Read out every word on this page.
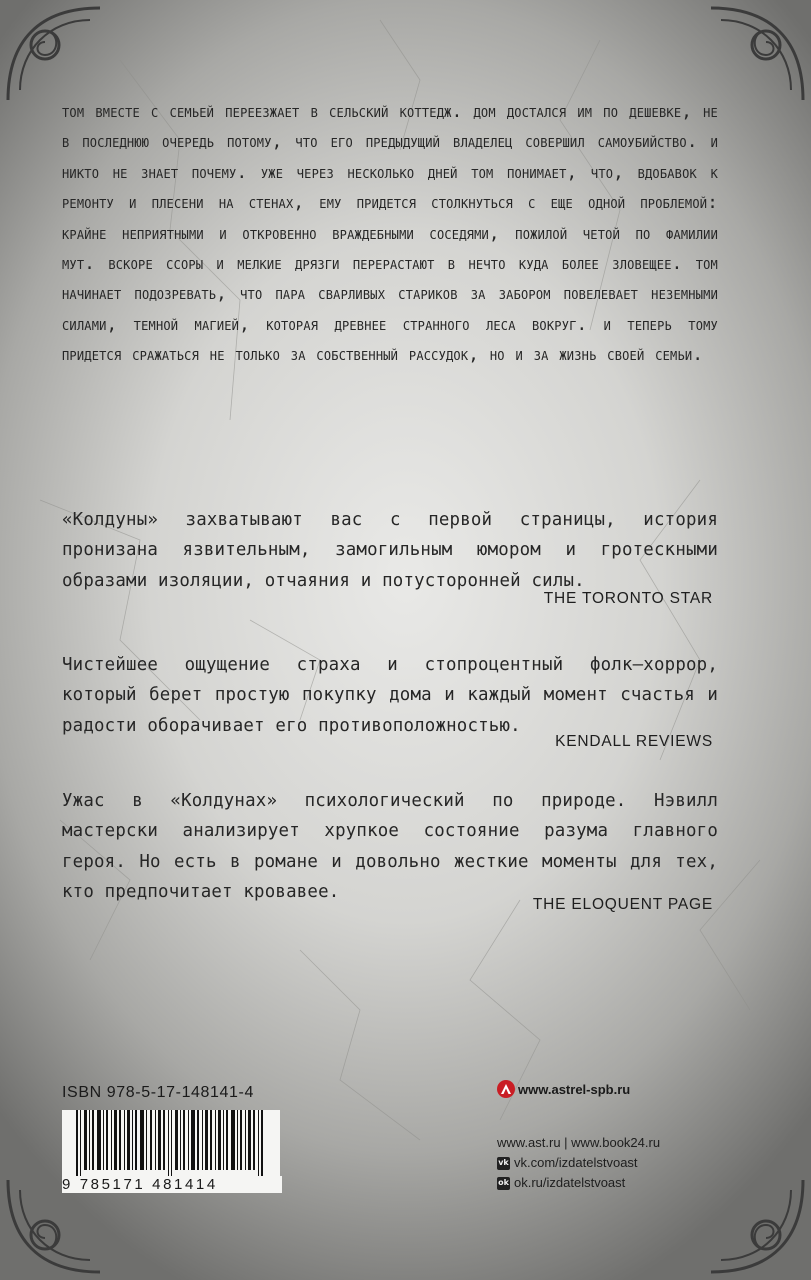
том вместе с семьей переезжает в сельский коттедж. дом достался им по дешевке, не в последнюю очередь потому, что его предыдущий владелец совершил самоубийство. и никто не знает почему. уже через несколько дней том понимает, что, вдобавок к ремонту и плесени на стенах, ему придется столкнуться с еще одной проблемой: крайне неприятными и откровенно враждебными соседями, пожилой четой по фамилии мут. вскоре ссоры и мелкие дрязги перерастают в нечто куда более зловещее. том начинает подозревать, что пара сварливых стариков за забором повелевает неземными силами, темной магией, которая древнее странного леса вокруг. и теперь тому придется сражаться не только за собственный рассудок, но и за жизнь своей семьи.

«Колдуны» захватывают вас с первой страницы, история пронизана язвительным, замогильным юмором и гротескными образами изоляции, отчаяния и потусторонней силы.

THE TORONTO STAR

Чистейшее ощущение страха и стопроцентный фолк–хоррор, который берет простую покупку дома и каждый момент счастья и радости оборачивает его противоположностью.

KENDALL REVIEWS

Ужас в «Колдунах» психологический по природе. Нэвилл мастерски анализирует хрупкое состояние разума главного героя. Но есть в романе и довольно жесткие моменты для тех, кто предпочитает кровавее.

THE ELOQUENT PAGE
ISBN 978-5-17-148141-4
9 785171 481414
www.astrel-spb.ru
www.ast.ru | www.book24.ru
vk vk.com/izdatelstvoast
ok ok.ru/izdatelstvoast
